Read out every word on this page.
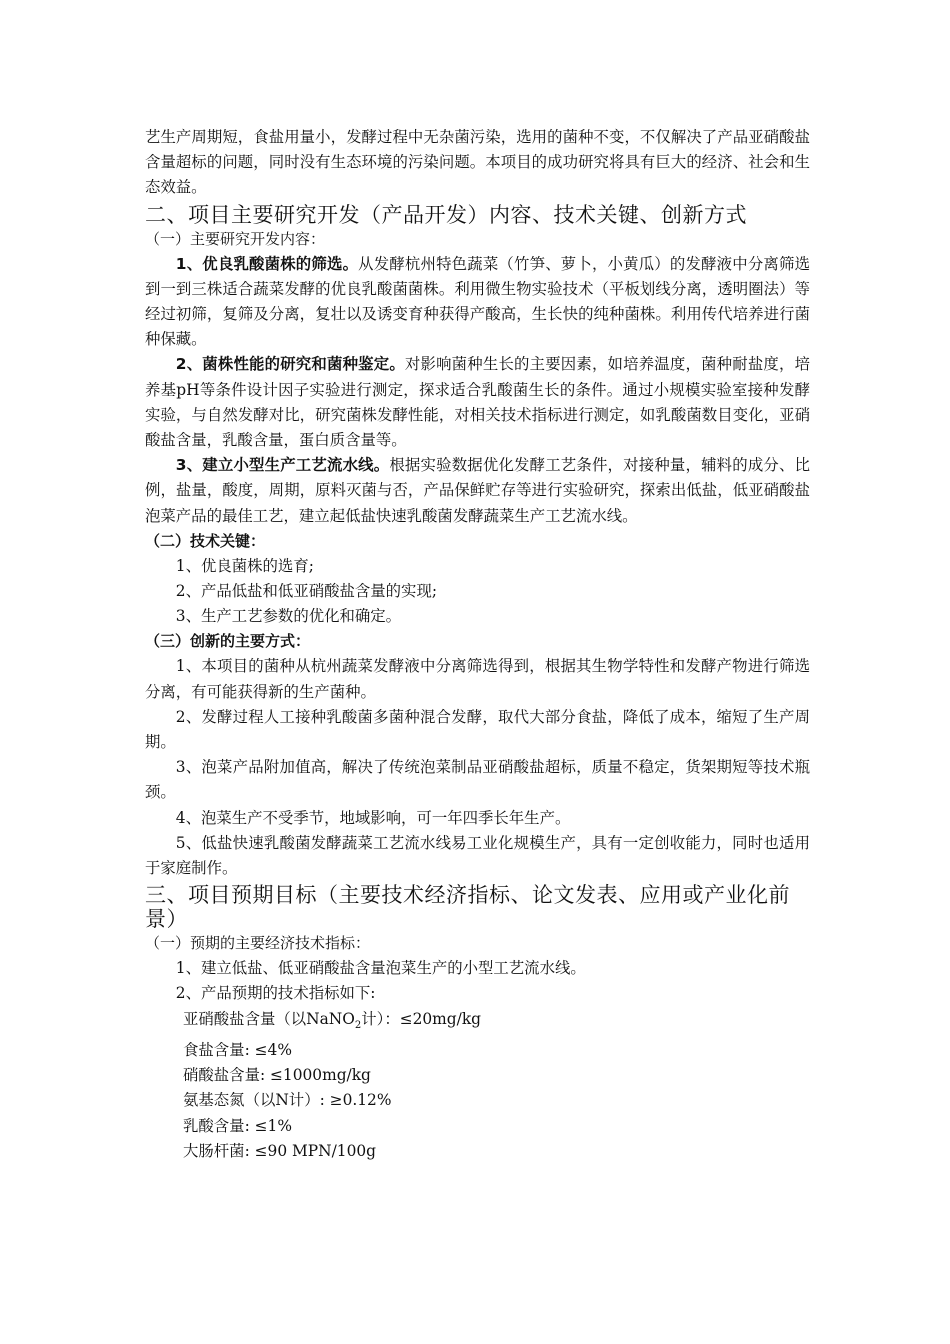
艺生产周期短，食盐用量小，发酵过程中无杂菌污染，选用的菌种不变，不仅解决了产品亚硝酸盐含量超标的问题，同时没有生态环境的污染问题。本项目的成功研究将具有巨大的经济、社会和生态效益。

二、项目主要研究开发（产品开发）内容、技术关键、创新方式
（一）主要研究开发内容：

1、优良乳酸菌株的筛选。从发酵杭州特色蔬菜（竹笋、萝卜，小黄瓜）的发酵液中分离筛选到一到三株适合蔬菜发酵的优良乳酸菌菌株。利用微生物实验技术（平板划线分离，透明圈法）等经过初筛，复筛及分离，复壮以及诱变育种获得产酸高，生长快的纯种菌株。利用传代培养进行菌种保藏。

2、菌株性能的研究和菌种鉴定。对影响菌种生长的主要因素，如培养温度，菌种耐盐度，培养基pH等条件设计因子实验进行测定，探求适合乳酸菌生长的条件。通过小规模实验室接种发酵实验，与自然发酵对比，研究菌株发酵性能，对相关技术指标进行测定，如乳酸菌数目变化，亚硝酸盐含量，乳酸含量，蛋白质含量等。

3、建立小型生产工艺流水线。根据实验数据优化发酵工艺条件，对接种量，辅料的成分、比例，盐量，酸度，周期，原料灭菌与否，产品保鲜贮存等进行实验研究，探索出低盐，低亚硝酸盐泡菜产品的最佳工艺，建立起低盐快速乳酸菌发酵蔬菜生产工艺流水线。

（二）技术关键：

1、优良菌株的选育;

2、产品低盐和低亚硝酸盐含量的实现;

3、生产工艺参数的优化和确定。

（三）创新的主要方式：

1、本项目的菌种从杭州蔬菜发酵液中分离筛选得到，根据其生物学特性和发酵产物进行筛选分离，有可能获得新的生产菌种。

2、发酵过程人工接种乳酸菌多菌种混合发酵，取代大部分食盐，降低了成本，缩短了生产周期。

3、泡菜产品附加值高，解决了传统泡菜制品亚硝酸盐超标，质量不稳定，货架期短等技术瓶颈。

4、泡菜生产不受季节，地域影响，可一年四季长年生产。

5、低盐快速乳酸菌发酵蔬菜工艺流水线易工业化规模生产，具有一定创收能力，同时也适用于家庭制作。

三、项目预期目标（主要技术经济指标、论文发表、应用或产业化前景）
（一）预期的主要经济技术指标：

1、建立低盐、低亚硝酸盐含量泡菜生产的小型工艺流水线。

2、产品预期的技术指标如下:

亚硝酸盐含量（以NaNO$_2$计）：≤20mg/kg
食盐含量: ≤4%
硝酸盐含量: ≤1000mg/kg
氨基态氮（以N计）: ≥0.12%
乳酸含量: ≤1%
大肠杆菌: ≤90 MPN/100g
